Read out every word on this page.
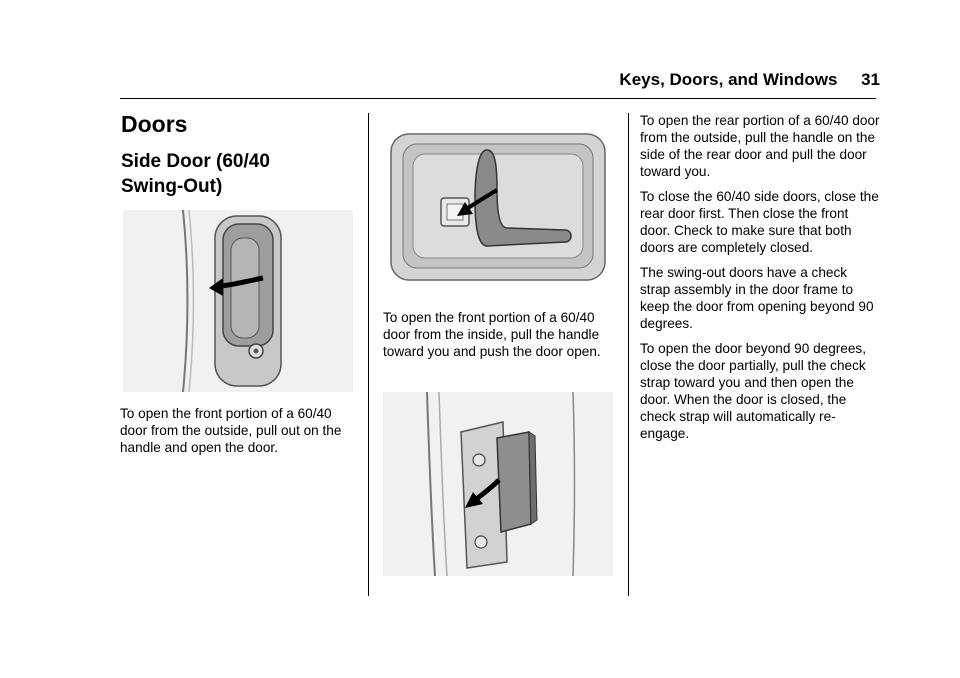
Keys, Doors, and Windows     31
Doors
Side Door (60/40 Swing-Out)

To open the front portion of a 60/40 door from the outside, pull out on the handle and open the door.

To open the front portion of a 60/40 door from the inside, pull the handle toward you and push the door open.

To open the rear portion of a 60/40 door from the outside, pull the handle on the side of the rear door and pull the door toward you.

To close the 60/40 side doors, close the rear door first. Then close the front door. Check to make sure that both doors are completely closed.

The swing-out doors have a check strap assembly in the door frame to keep the door from opening beyond 90 degrees.

To open the door beyond 90 degrees, close the door partially, pull the check strap toward you and then open the door. When the door is closed, the check strap will automatically re-engage.
